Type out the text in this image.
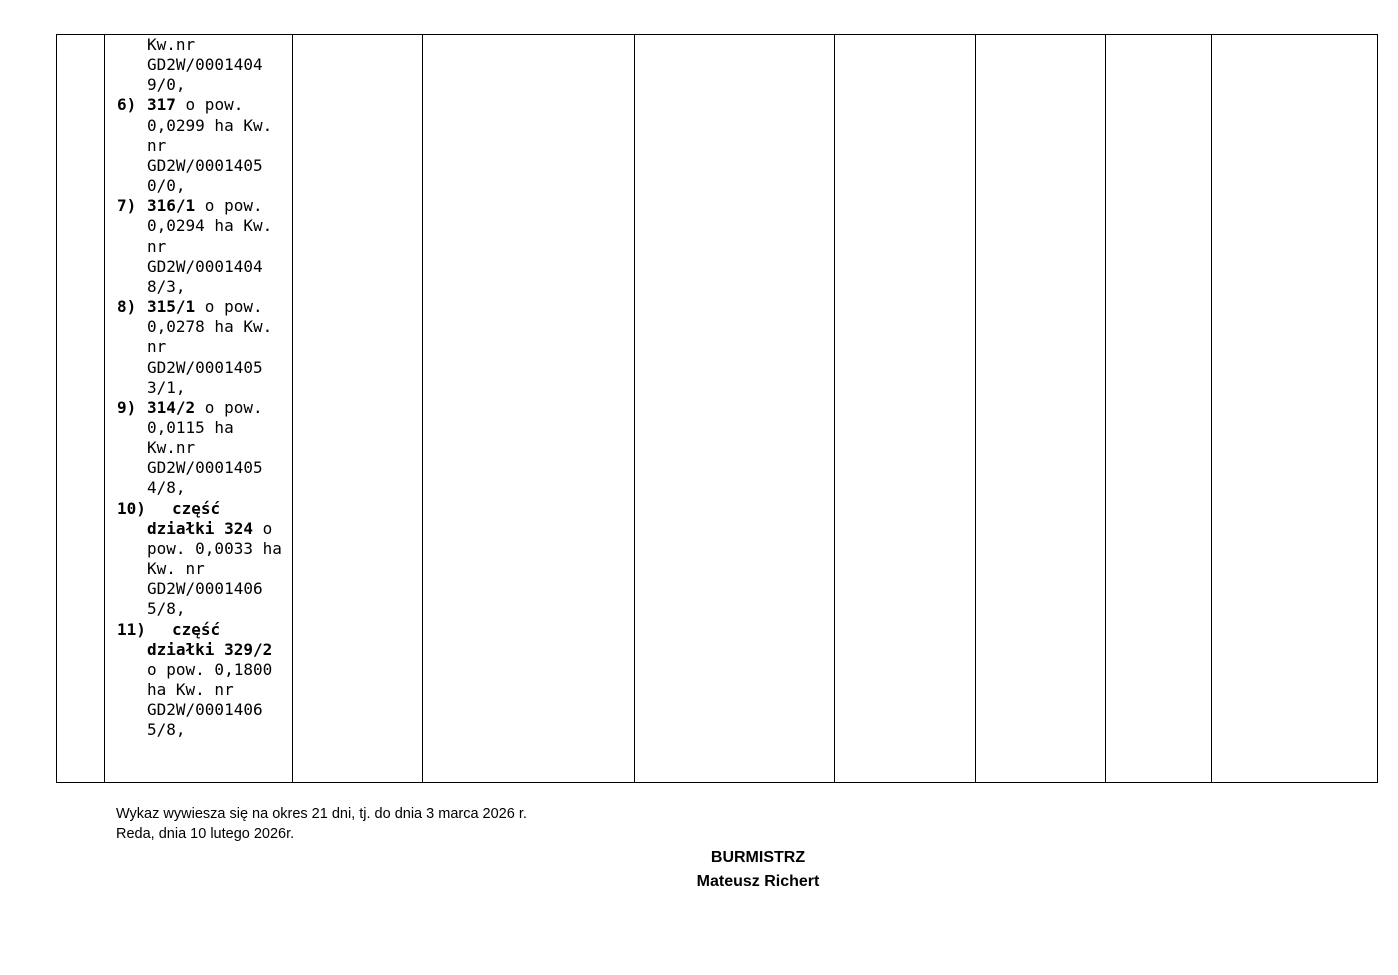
Kw.nr
GD2W/0001404
9/0,
6) 317 o pow.
0,0299 ha Kw.
nr
GD2W/0001405
0/0,
7) 316/1 o pow.
0,0294 ha Kw.
nr
GD2W/0001404
8/3,
8) 315/1 o pow.
0,0278 ha Kw.
nr
GD2W/0001405
3/1,
9) 314/2 o pow.
0,0115 ha
Kw.nr
GD2W/0001405
4/8,
10)	część
działki 324 o
pow. 0,0033 ha
Kw. nr
GD2W/0001406
5/8,
11)	część
działki 329/2
o pow. 0,1800
ha Kw. nr
GD2W/0001406
5/8,

Wykaz wywiesza się na okres 21 dni, tj. do dnia 3 marca 2026 r.
Reda, dnia 10 lutego 2026r.
BURMISTRZ
Mateusz Richert
